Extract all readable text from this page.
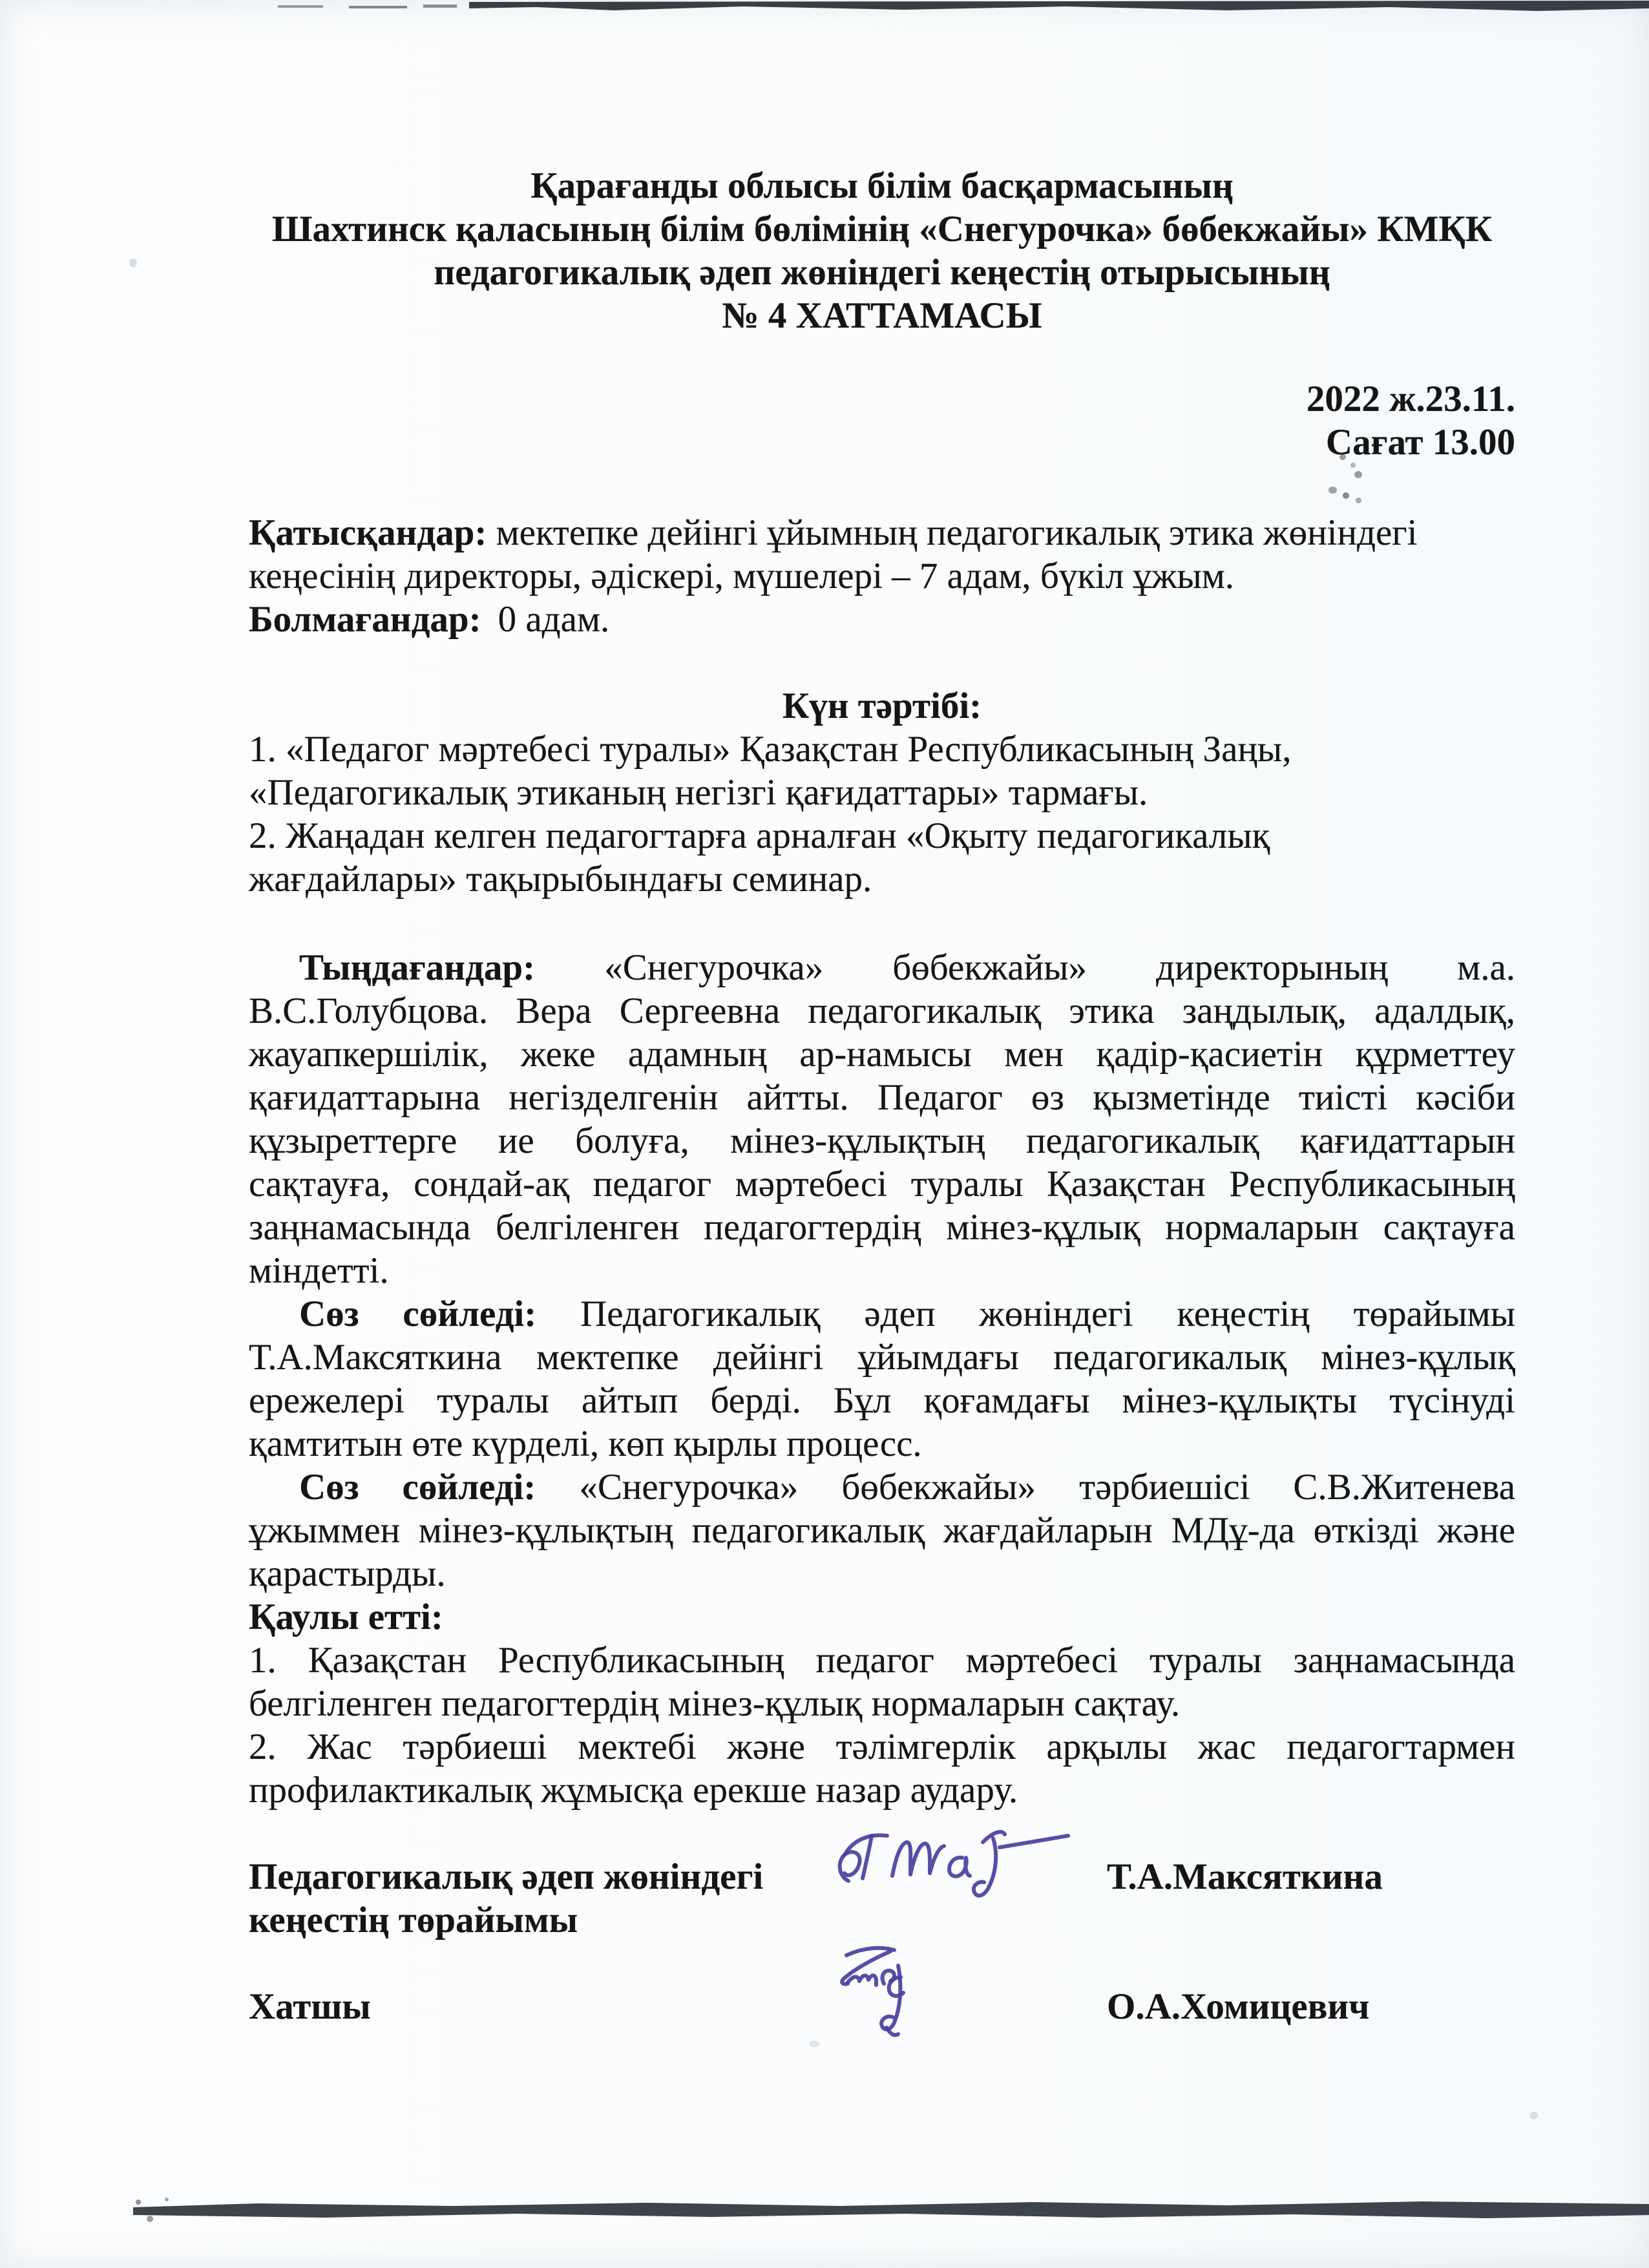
Қарағанды облысы білім басқармасының
Шахтинск қаласының білім бөлімінің «Снегурочка» бөбекжайы» КМҚК
педагогикалық әдеп жөніндегі кеңестің отырысының
№ 4 ХАТТАМАСЫ
2022 ж.23.11.
Сағат 13.00
Қатысқандар: мектепке дейінгі ұйымның педагогикалық этика жөніндегі
кеңесінің директоры, әдіскері, мүшелері – 7 адам, бүкіл ұжым.
Болмағандар: 0 адам.
Күн тәртібі:
1. «Педагог мәртебесі туралы» Қазақстан Республикасының Заңы,
«Педагогикалық этиканың негізгі қағидаттары» тармағы.
2. Жаңадан келген педагогтарға арналған «Оқыту педагогикалық
жағдайлары» тақырыбындағы семинар.
Тыңдағандар: «Снегурочка» бөбекжайы» директорының м.а.
В.С.Голубцова. Вера Сергеевна педагогикалық этика заңдылық, адалдық,
жауапкершілік, жеке адамның ар-намысы мен қадір-қасиетін құрметтеу
қағидаттарына негізделгенін айтты. Педагог өз қызметінде тиісті кәсіби
құзыреттерге ие болуға, мінез-құлықтың педагогикалық қағидаттарын
сақтауға, сондай-ақ педагог мәртебесі туралы Қазақстан Республикасының
заңнамасында белгіленген педагогтердің мінез-құлық нормаларын сақтауға
міндетті.
Сөз сөйледі: Педагогикалық әдеп жөніндегі кеңестің төрайымы
Т.А.Максяткина мектепке дейінгі ұйымдағы педагогикалық мінез-құлық
ережелері туралы айтып берді. Бұл қоғамдағы мінез-құлықты түсінуді
қамтитын өте күрделі, көп қырлы процесс.
Сөз сөйледі: «Снегурочка» бөбекжайы» тәрбиешісі С.В.Житенева
ұжыммен мінез-құлықтың педагогикалық жағдайларын МДұ-да өткізді және
қарастырды.
Қаулы етті:
1. Қазақстан Республикасының педагог мәртебесі туралы заңнамасында
белгіленген педагогтердің мінез-құлық нормаларын сақтау.
2. Жас тәрбиеші мектебі және тәлімгерлік арқылы жас педагогтармен
профилактикалық жұмысқа ерекше назар аудару.
Педагогикалық әдеп жөніндегі
кеңестің төрайымы
Т.А.Максяткина
Хатшы	О.А.Хомицевич
